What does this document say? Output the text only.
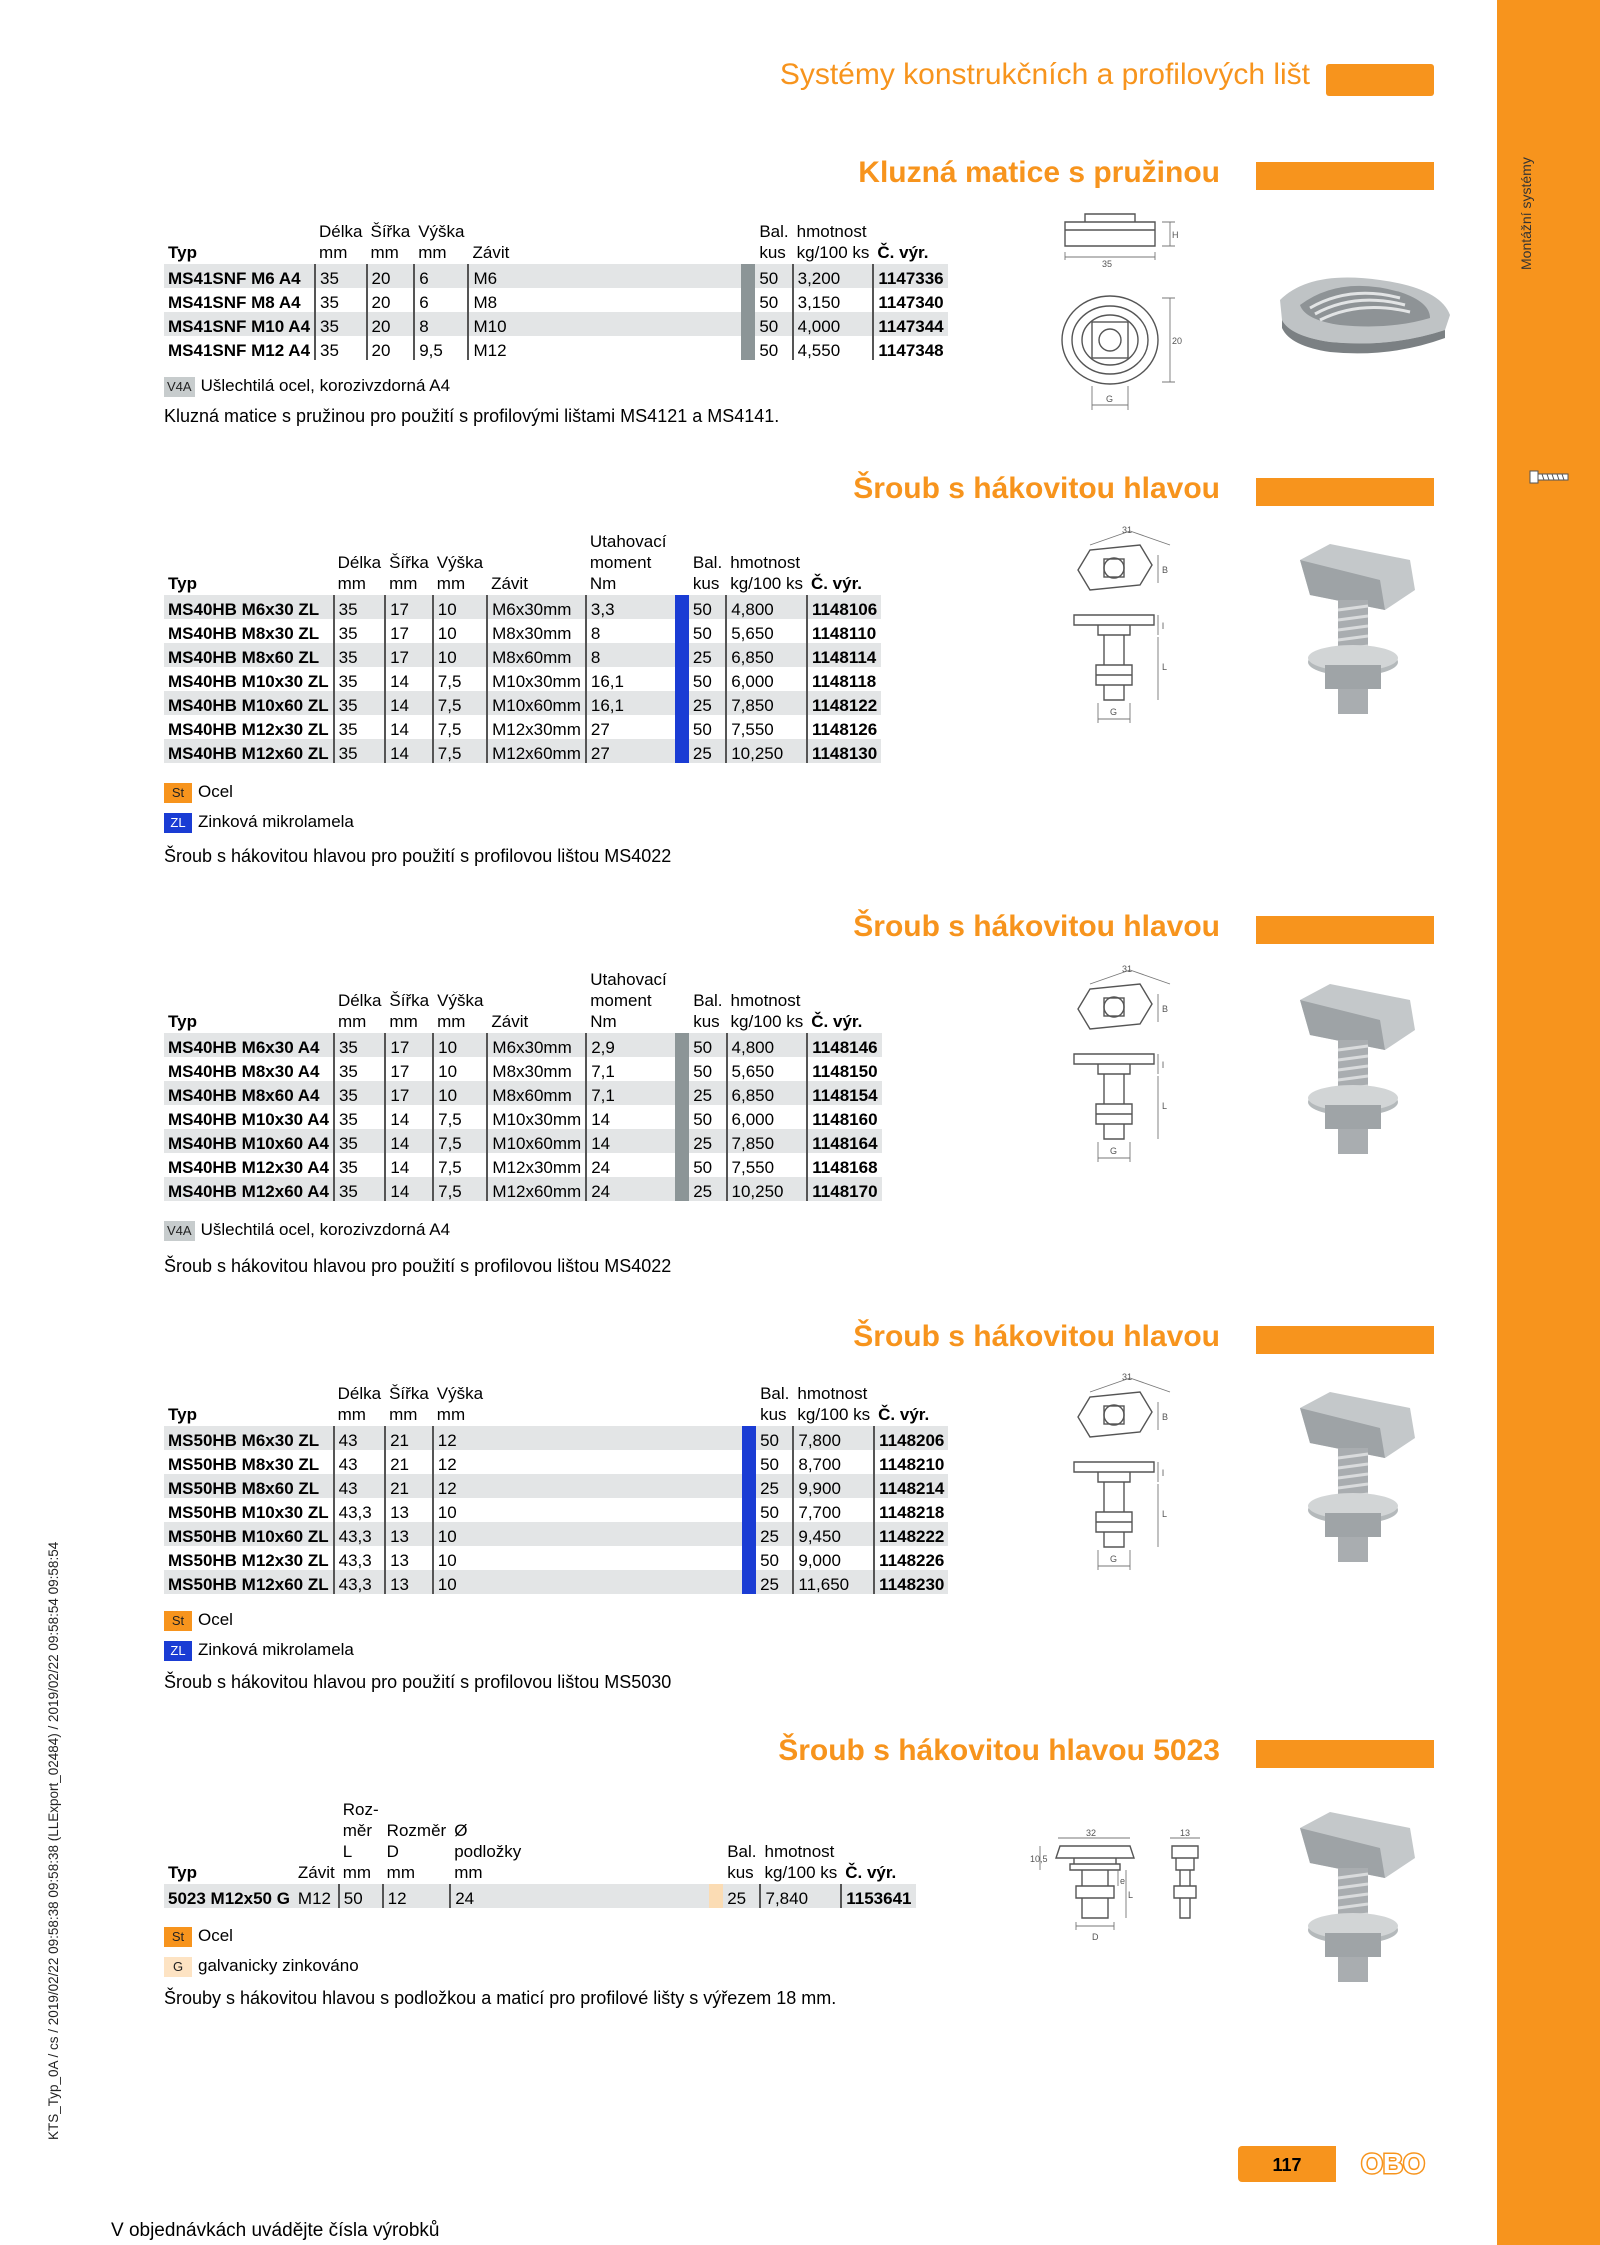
Montážní systémy
Systémy konstrukčních a profilových lišt
Kluzná matice s pružinou
	Délka	Šířka	Výška				Bal.	hmotnost	
Typ	mm	mm	mm	Závit			kus	kg/100 ks	Č. výr.
MS41SNF M6 A4	35	20	6	M6			50	3,200	1147336
MS41SNF M8 A4	35	20	6	M8			50	3,150	1147340
MS41SNF M10 A4	35	20	8	M10			50	4,000	1147344
MS41SNF M12 A4	35	20	9,5	M12			50	4,550	1147348
V4A Ušlechtilá ocel, korozivzdorná A4
Kluzná matice s pružinou pro použití s profilovými lištami MS4121 a MS4141.
35
H
20
G
Šroub s hákovitou hlavou
					Utahovací				
	Délka	Šířka	Výška		moment		Bal.	hmotnost	
Typ	mm	mm	mm	Závit	Nm		kus	kg/100 ks	Č. výr.
MS40HB M6x30 ZL	35	17	10	M6x30mm	3,3		50	4,800	1148106
MS40HB M8x30 ZL	35	17	10	M8x30mm	8		50	5,650	1148110
MS40HB M8x60 ZL	35	17	10	M8x60mm	8		25	6,850	1148114
MS40HB M10x30 ZL	35	14	7,5	M10x30mm	16,1		50	6,000	1148118
MS40HB M10x60 ZL	35	14	7,5	M10x60mm	16,1		25	7,850	1148122
MS40HB M12x30 ZL	35	14	7,5	M12x30mm	27		50	7,550	1148126
MS40HB M12x60 ZL	35	14	7,5	M12x60mm	27		25	10,250	1148130
St Ocel
ZL Zinková mikrolamela
Šroub s hákovitou hlavou pro použití s profilovou lištou MS4022
31
B
l
L
G
Šroub s hákovitou hlavou
					Utahovací				
	Délka	Šířka	Výška		moment		Bal.	hmotnost	
Typ	mm	mm	mm	Závit	Nm		kus	kg/100 ks	Č. výr.
MS40HB M6x30 A4	35	17	10	M6x30mm	2,9		50	4,800	1148146
MS40HB M8x30 A4	35	17	10	M8x30mm	7,1		50	5,650	1148150
MS40HB M8x60 A4	35	17	10	M8x60mm	7,1		25	6,850	1148154
MS40HB M10x30 A4	35	14	7,5	M10x30mm	14		50	6,000	1148160
MS40HB M10x60 A4	35	14	7,5	M10x60mm	14		25	7,850	1148164
MS40HB M12x30 A4	35	14	7,5	M12x30mm	24		50	7,550	1148168
MS40HB M12x60 A4	35	14	7,5	M12x60mm	24		25	10,250	1148170
V4A Ušlechtilá ocel, korozivzdorná A4
Šroub s hákovitou hlavou pro použití s profilovou lištou MS4022
31
B
l
L
G
Šroub s hákovitou hlavou
	Délka	Šířka	Výška			Bal.	hmotnost	
Typ	mm	mm	mm			kus	kg/100 ks	Č. výr.
MS50HB M6x30 ZL	43	21	12			50	7,800	1148206
MS50HB M8x30 ZL	43	21	12			50	8,700	1148210
MS50HB M8x60 ZL	43	21	12			25	9,900	1148214
MS50HB M10x30 ZL	43,3	13	10			50	7,700	1148218
MS50HB M10x60 ZL	43,3	13	10			25	9,450	1148222
MS50HB M12x30 ZL	43,3	13	10			50	9,000	1148226
MS50HB M12x60 ZL	43,3	13	10			25	11,650	1148230
St Ocel
ZL Zinková mikrolamela
Šroub s hákovitou hlavou pro použití s profilovou lištou MS5030
31
B
l
L
G
Šroub s hákovitou hlavou 5023
		Roz-						
		měr	Rozměr	Ø				
		L	D	podložky		Bal.	hmotnost	
Typ	Závit	mm	mm	mm		kus	kg/100 ks	Č. výr.
5023 M12x50 G	M12	50	12	24		25	7,840	1153641
St Ocel
G galvanicky zinkováno
Šrouby s hákovitou hlavou s podložkou a maticí pro profilové lišty s výřezem 18 mm.
32
10,5
e
L
D
13
V objednávkách uvádějte čísla výrobků
117	OBO
KTS_Typ_0A / cs / 2019/02/22 09:58:38 09:58:38 (LLExport_02484) / 2019/02/22 09:58:54 09:58:54
